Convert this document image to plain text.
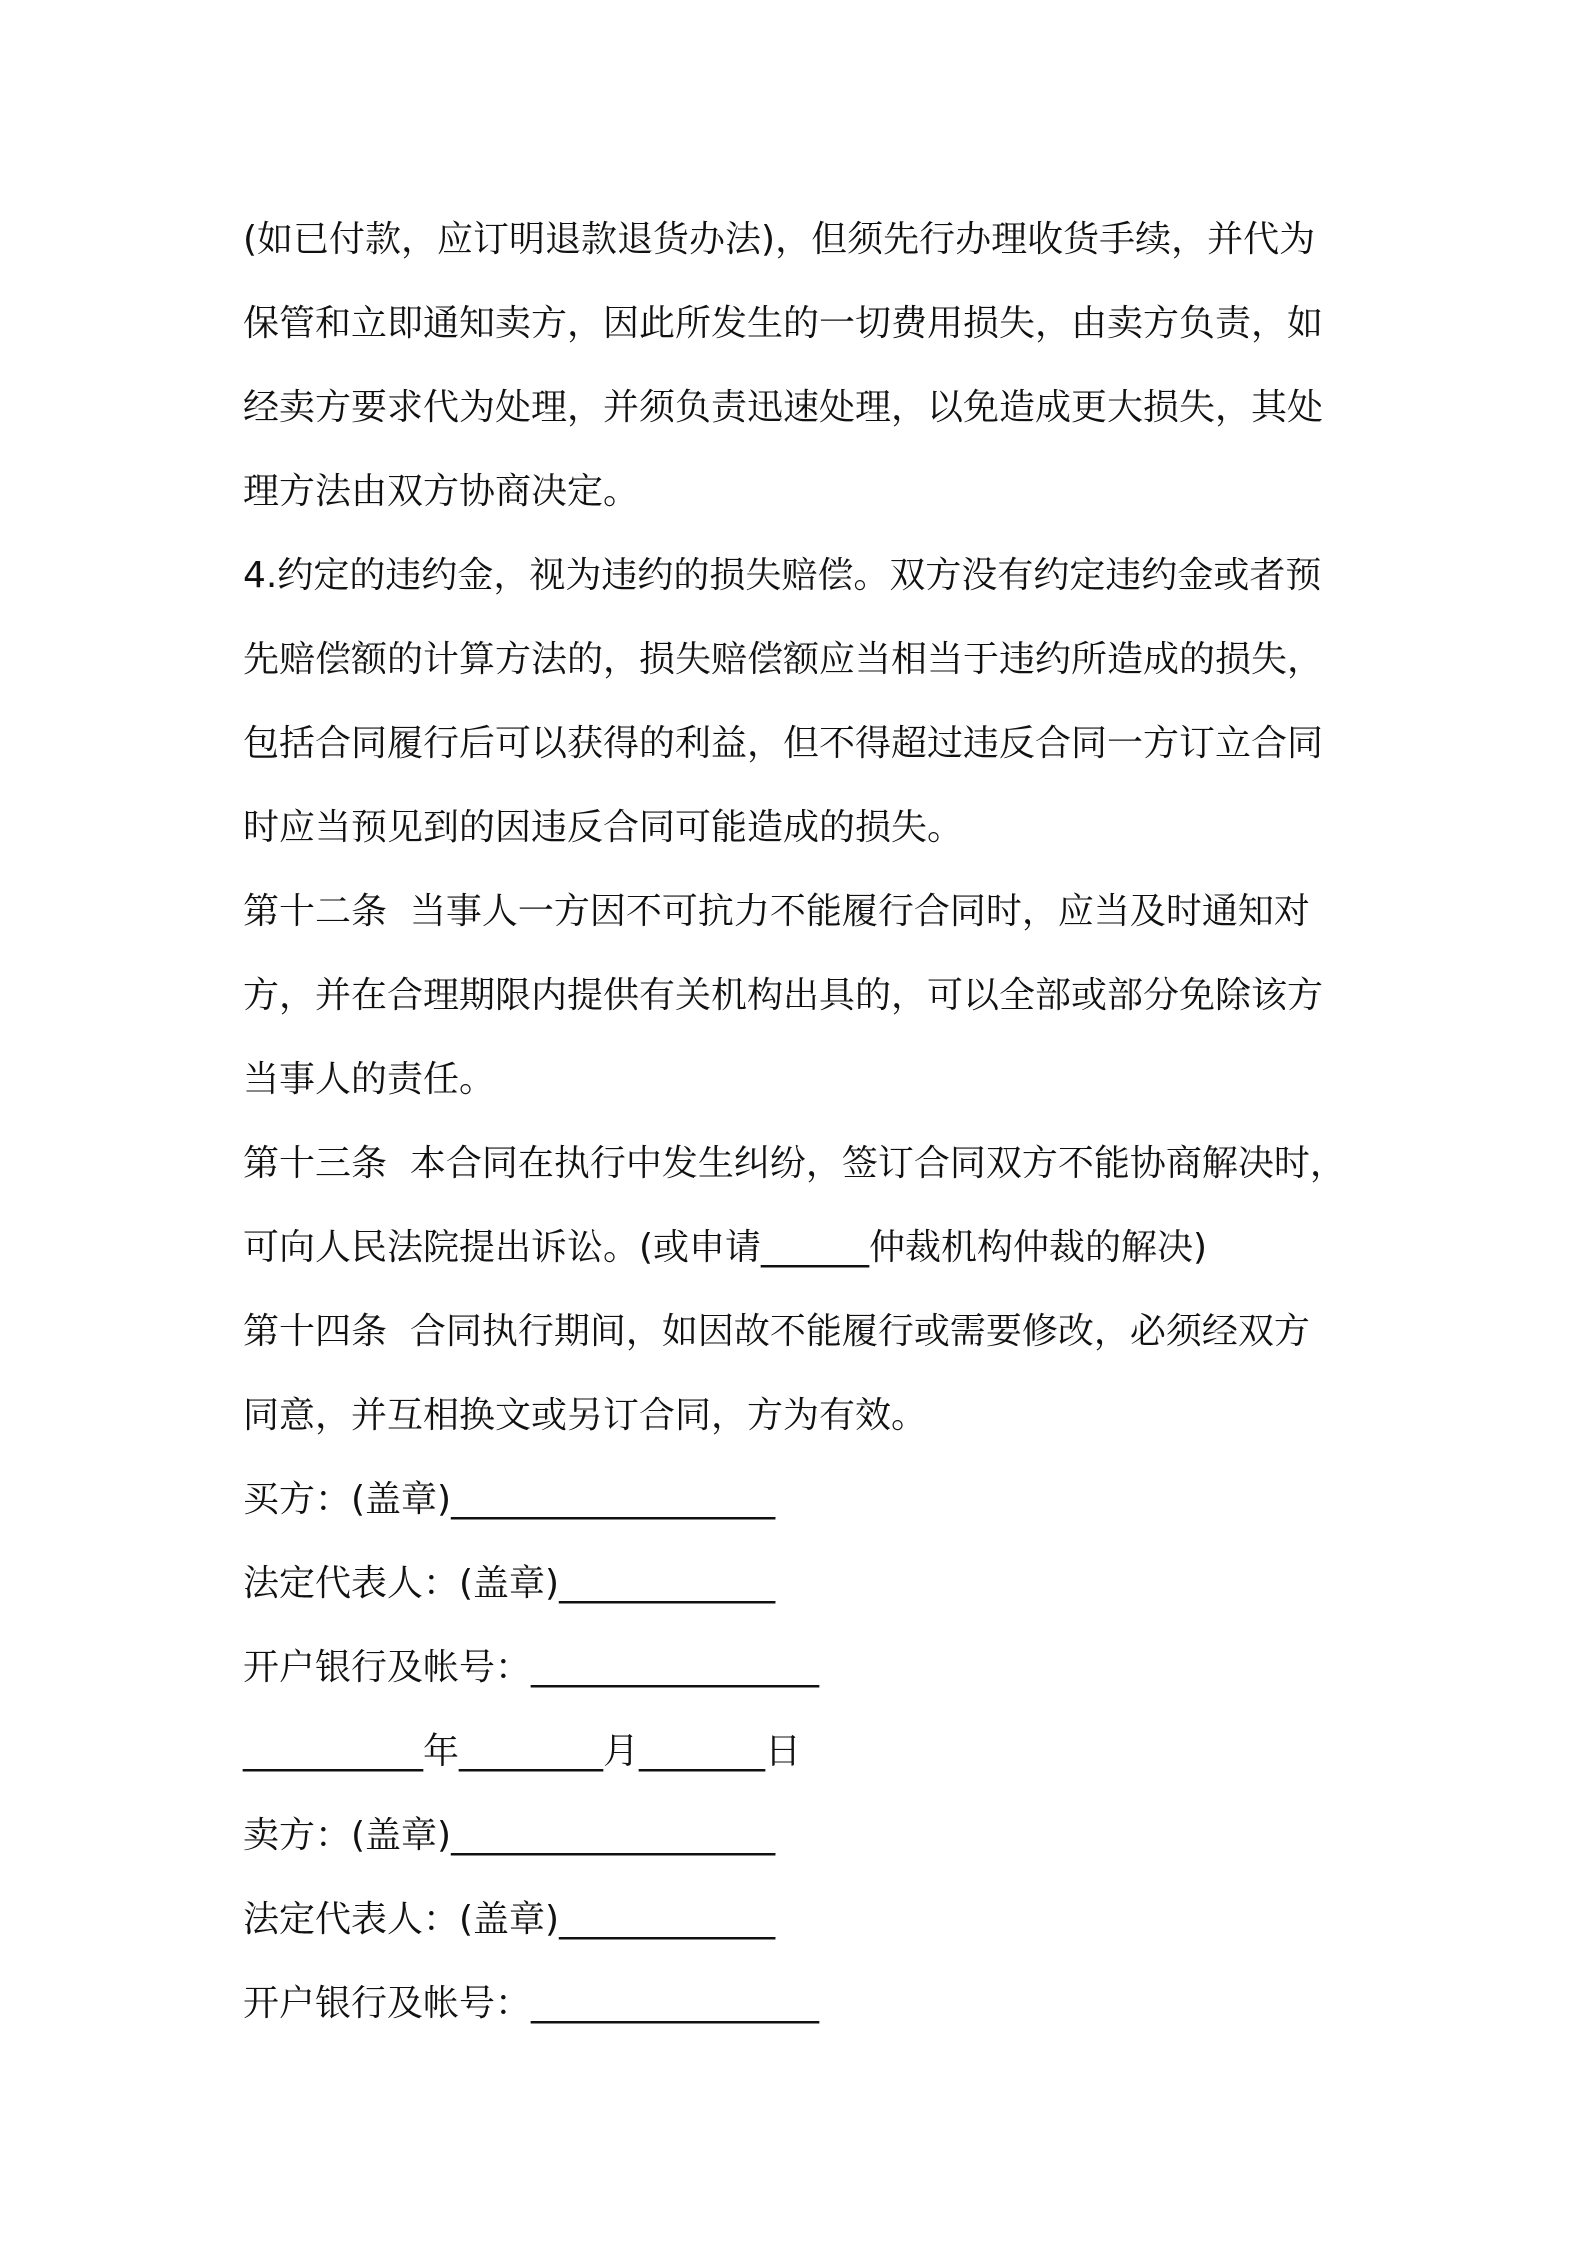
(如已付款，应订明退款退货办法)，但须先行办理收货手续，并代为

保管和立即通知卖方，因此所发生的一切费用损失，由卖方负责，如

经卖方要求代为处理，并须负责迅速处理，以免造成更大损失，其处

理方法由双方协商决定。

4.约定的违约金，视为违约的损失赔偿。双方没有约定违约金或者预

先赔偿额的计算方法的，损失赔偿额应当相当于违约所造成的损失，

包括合同履行后可以获得的利益，但不得超过违反合同一方订立合同

时应当预见到的因违反合同可能造成的损失。

第十二条  当事人一方因不可抗力不能履行合同时，应当及时通知对

方，并在合理期限内提供有关机构出具的，可以全部或部分免除该方

当事人的责任。

第十三条  本合同在执行中发生纠纷，签订合同双方不能协商解决时，

可向人民法院提出诉讼。(或申请______仲裁机构仲裁的解决)

第十四条  合同执行期间，如因故不能履行或需要修改，必须经双方

同意，并互相换文或另订合同，方为有效。

买方：(盖章)__________________

法定代表人：(盖章)____________

开户银行及帐号：________________

__________年________月_______日

卖方：(盖章)__________________

法定代表人：(盖章)____________

开户银行及帐号：________________
